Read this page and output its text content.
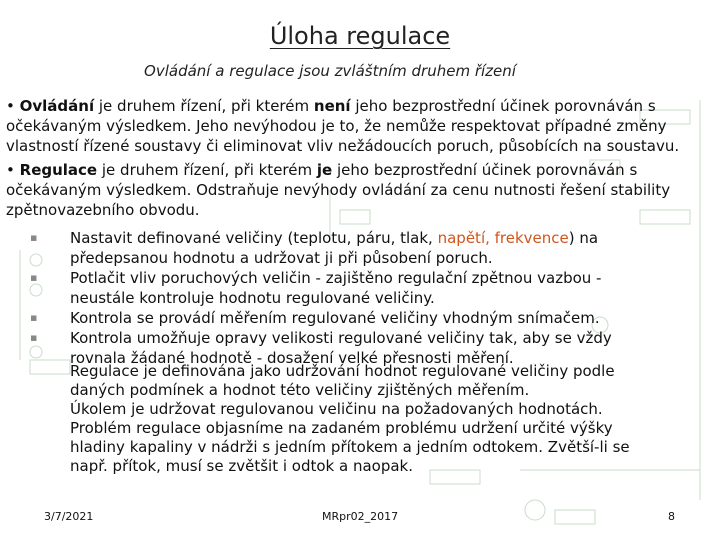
Úloha regulace
Ovládání a regulace jsou zvláštním druhem řízení
• Ovládání je druhem řízení, při kterém není jeho bezprostřední účinek porovnáván s očekávaným výsledkem. Jeho nevýhodou je to, že nemůže respektovat případné změny vlastností řízené soustavy či eliminovat vliv nežádoucích poruch, působících na soustavu.
• Regulace je druhem řízení, při kterém je jeho bezprostřední účinek porovnáván s očekávaným výsledkem. Odstraňuje nevýhody ovládání za cenu nutnosti řešení stability zpětnovazebního obvodu.
▪ Nastavit definované veličiny (teplotu, páru, tlak, napětí, frekvence) na předepsanou hodnotu a udržovat ji při působení poruch.
▪ Potlačit vliv poruchových veličin - zajištěno regulační zpětnou vazbou - neustále kontroluje hodnotu regulované veličiny.
▪ Kontrola se provádí měřením regulované veličiny vhodným snímačem.
▪ Kontrola umožňuje opravy velikosti regulované veličiny tak, aby se vždy rovnala žádané hodnotě - dosažení velké přesnosti měření.
Regulace je definována jako udržování hodnot regulované veličiny podle daných podmínek a hodnot této veličiny zjištěných měřením.
Úkolem je udržovat regulovanou veličinu na požadovaných hodnotách.
Problém regulace objasníme na zadaném problému udržení určité výšky hladiny kapaliny v nádrži s jedním přítokem a jedním odtokem. Zvětší-li se např. přítok, musí se zvětšit i odtok a naopak.
3/7/2021	MRpr02_2017	8
